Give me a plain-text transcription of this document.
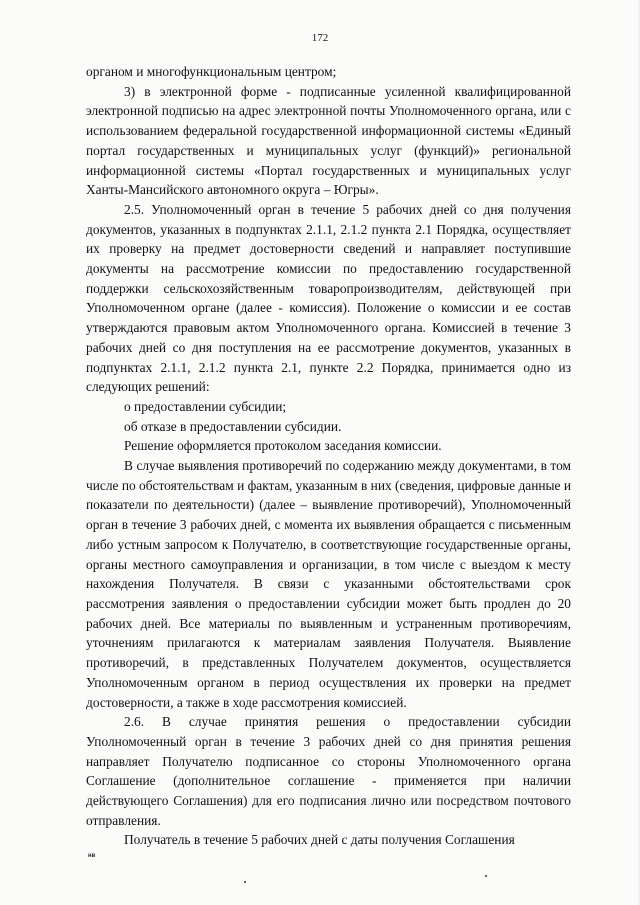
172

органом и многофункциональным центром;

3) в электронной форме - подписанные усиленной квалифицированной электронной подписью на адрес электронной почты Уполномоченного органа, или с использованием федеральной государственной информационной системы «Единый портал государственных и муниципальных услуг (функций)» региональной информационной системы «Портал государственных и муниципальных услуг Ханты-Мансийского автономного округа – Югры».

2.5. Уполномоченный орган в течение 5 рабочих дней со дня получения документов, указанных в подпунктах 2.1.1, 2.1.2 пункта 2.1 Порядка, осуществляет их проверку на предмет достоверности сведений и направляет поступившие документы на рассмотрение комиссии по предоставлению государственной поддержки сельскохозяйственным товаропроизводителям, действующей при Уполномоченном органе (далее - комиссия). Положение о комиссии и ее состав утверждаются правовым актом Уполномоченного органа. Комиссией в течение 3 рабочих дней со дня поступления на ее рассмотрение документов, указанных в подпунктах 2.1.1, 2.1.2 пункта 2.1, пункте 2.2 Порядка, принимается одно из следующих решений:

о предоставлении субсидии;

об отказе в предоставлении субсидии.

Решение оформляется протоколом заседания комиссии.

В случае выявления противоречий по содержанию между документами, в том числе по обстоятельствам и фактам, указанным в них (сведения, цифровые данные и показатели по деятельности) (далее – выявление противоречий), Уполномоченный орган в течение 3 рабочих дней, с момента их выявления обращается с письменным либо устным запросом к Получателю, в соответствующие государственные органы, органы местного самоуправления и организации, в том числе с выездом к месту нахождения Получателя. В связи с указанными обстоятельствами срок рассмотрения заявления о предоставлении субсидии может быть продлен до 20 рабочих дней. Все материалы по выявленным и устраненным противоречиям, уточнениям прилагаются к материалам заявления Получателя. Выявление противоречий, в представленных Получателем документов, осуществляется Уполномоченным органом в период осуществления их проверки на предмет достоверности, а также в ходе рассмотрения комиссией.

2.6. В случае принятия решения о предоставлении субсидии Уполномоченный орган в течение 3 рабочих дней со дня принятия решения направляет Получателю подписанное со стороны Уполномоченного органа Соглашение (дополнительное соглашение - применяется при наличии действующего Соглашения) для его подписания лично или посредством почтового отправления.

Получатель в течение 5 рабочих дней с даты получения Соглашения

нв
